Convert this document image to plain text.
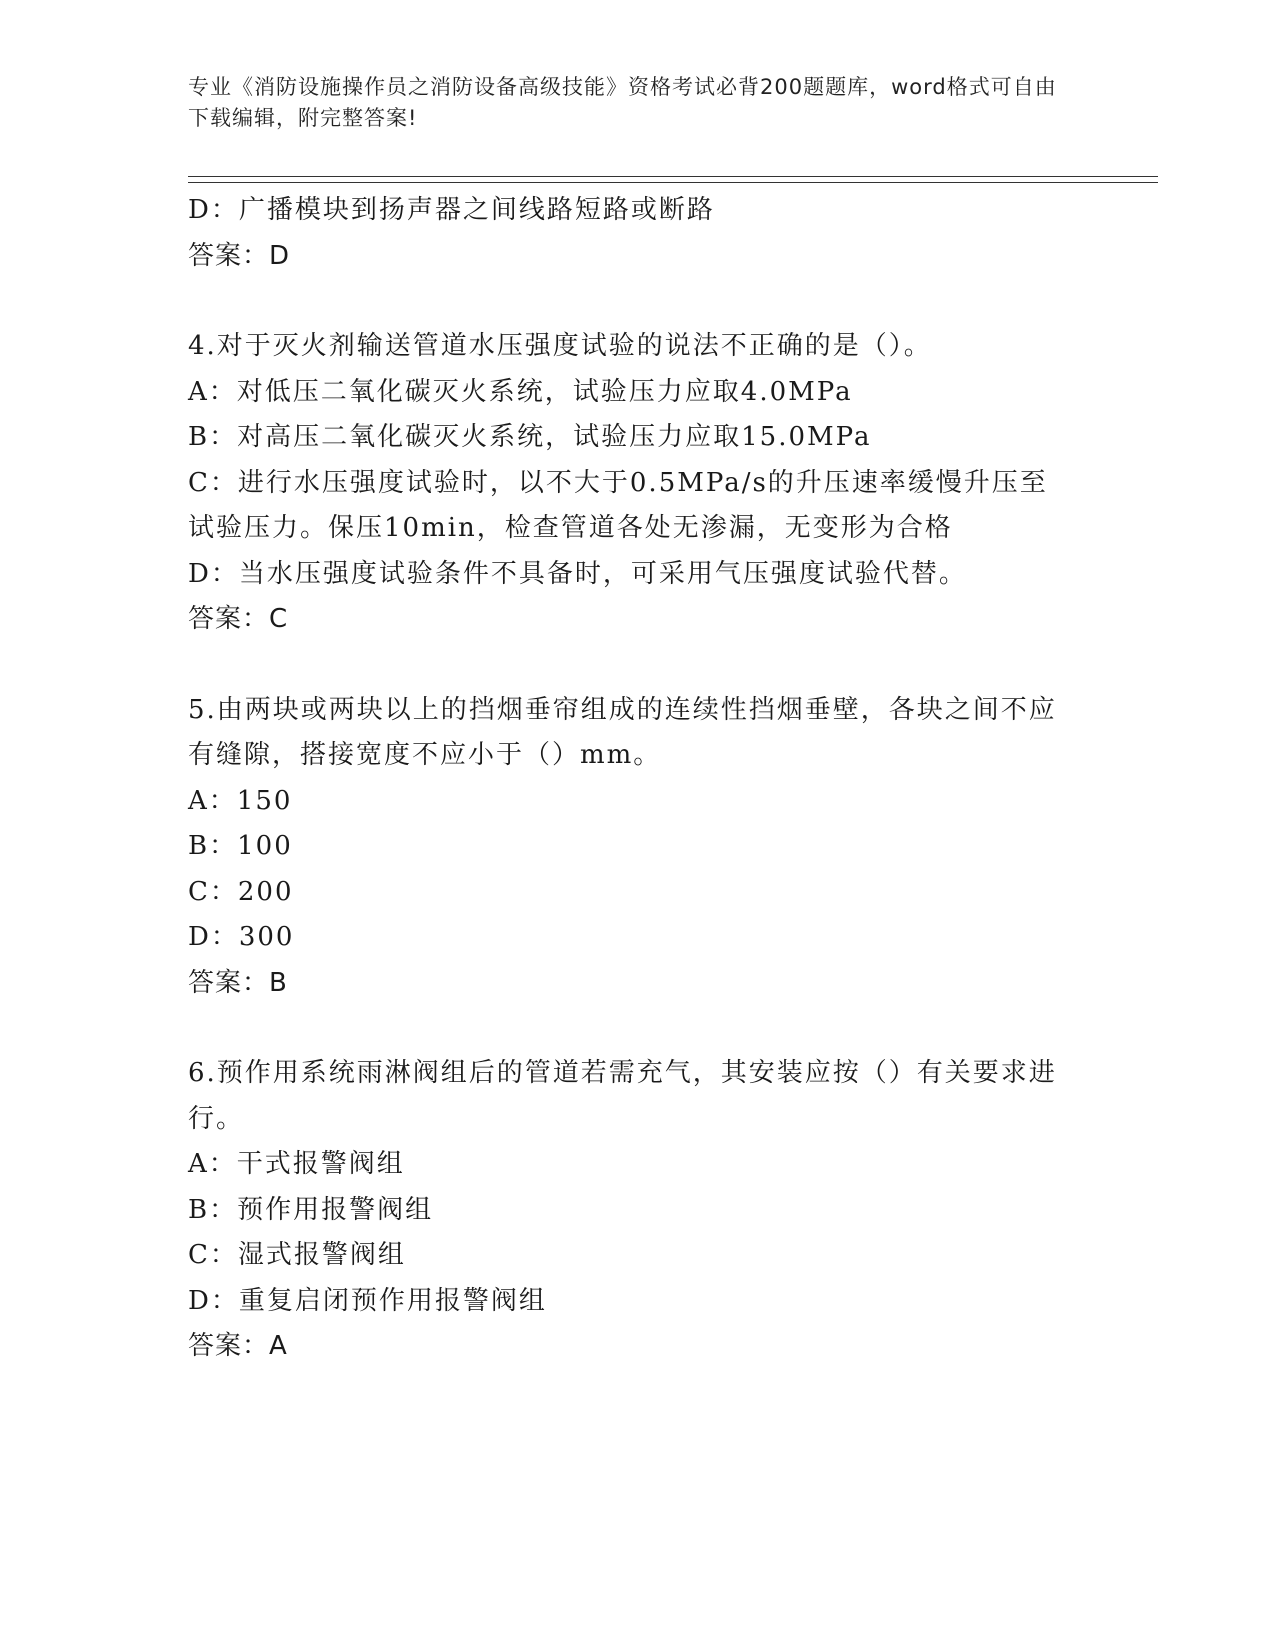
专业《消防设施操作员之消防设备高级技能》资格考试必背200题题库，word格式可自由下载编辑，附完整答案!
D：广播模块到扬声器之间线路短路或断路
答案：D
4.对于灭火剂输送管道水压强度试验的说法不正确的是（）。
A：对低压二氧化碳灭火系统，试验压力应取4.0MPa
B：对高压二氧化碳灭火系统，试验压力应取15.0MPa
C：进行水压强度试验时，以不大于0.5MPa/s的升压速率缓慢升压至试验压力。保压10min，检查管道各处无渗漏，无变形为合格
D：当水压强度试验条件不具备时，可采用气压强度试验代替。
答案：C
5.由两块或两块以上的挡烟垂帘组成的连续性挡烟垂壁，各块之间不应有缝隙，搭接宽度不应小于（）mm。
A：150
B：100
C：200
D：300
答案：B
6.预作用系统雨淋阀组后的管道若需充气，其安装应按（）有关要求进行。
A：干式报警阀组
B：预作用报警阀组
C：湿式报警阀组
D：重复启闭预作用报警阀组
答案：A
